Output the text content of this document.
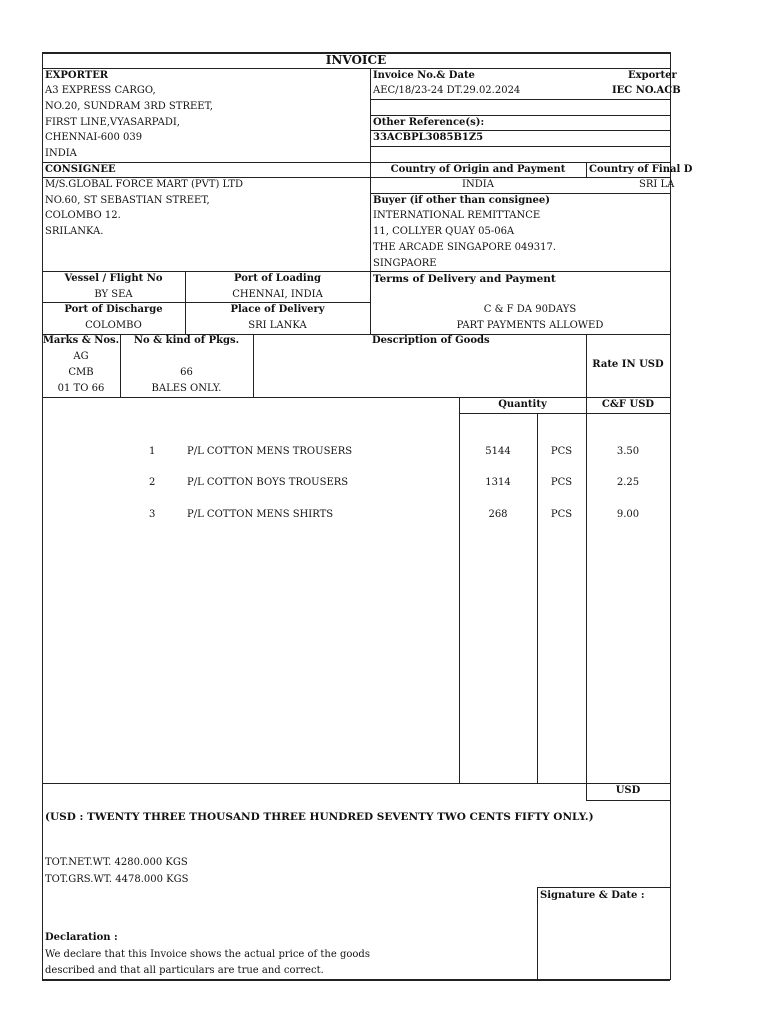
INVOICE
EXPORTER
A3 EXPRESS CARGO,
NO.20, SUNDRAM 3RD STREET,
FIRST LINE,VYASARPADI,
CHENNAI-600 039
INDIA
Invoice No.& Date
AEC/18/23-24 DT.29.02.2024
Exporter
IEC NO.ACB
Other Reference(s):
33ACBPL3085B1Z5
CONSIGNEE
M/S.GLOBAL FORCE MART (PVT) LTD
NO.60, ST SEBASTIAN STREET,
COLOMBO 12.
SRILANKA.
Country of Origin and Payment
INDIA
Country of Final D
SRI LA
Buyer (if other than consignee)
INTERNATIONAL REMITTANCE
11, COLLYER QUAY 05-06A
THE ARCADE SINGAPORE 049317.
SINGPAORE
Vessel / Flight No
BY SEA
Port of Loading
CHENNAI, INDIA
Port of Discharge
COLOMBO
Place of Delivery
SRI LANKA
Terms of Delivery and Payment
C & F DA 90DAYS
PART PAYMENTS ALLOWED
Marks & Nos.
AG
CMB
01 TO 66
No & kind of Pkgs.
66
BALES ONLY.
Description of Goods
Rate IN USD
Quantity	C&F USD
1	P/L COTTON MENS TROUSERS	5144	PCS	3.50
2	P/L COTTON BOYS TROUSERS	1314	PCS	2.25
3	P/L COTTON MENS SHIRTS	268	PCS	9.00
USD
(USD : TWENTY THREE THOUSAND THREE HUNDRED SEVENTY TWO CENTS FIFTY ONLY.)
TOT.NET.WT. 4280.000 KGS
TOT.GRS.WT. 4478.000 KGS
Signature & Date :
Declaration :
We declare that this Invoice shows the actual price of the goods
described and that all particulars are true and correct.
